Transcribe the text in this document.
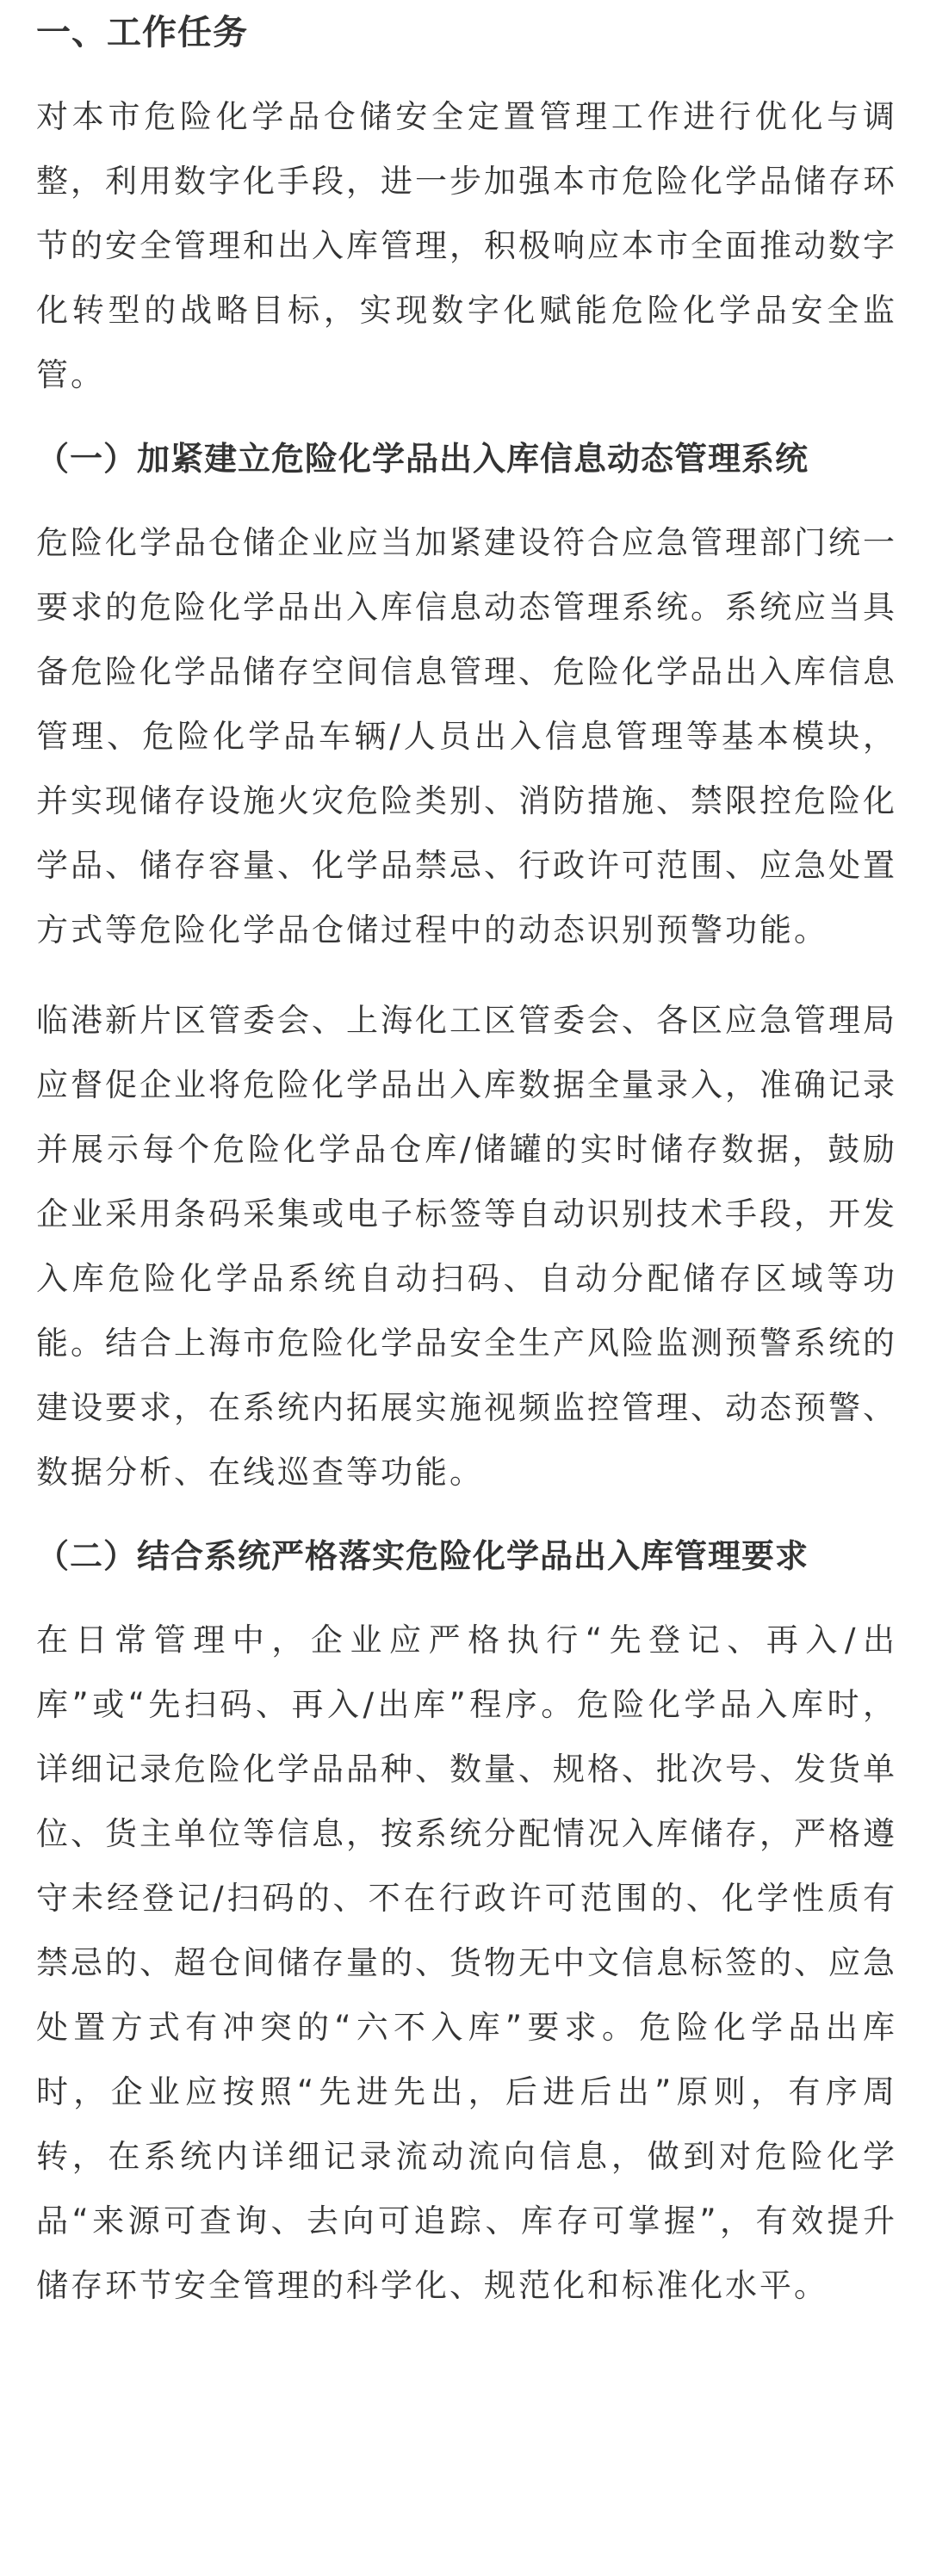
一、工作任务

对本市危险化学品仓储安全定置管理工作进行优化与调整，利用数字化手段，进一步加强本市危险化学品储存环节的安全管理和出入库管理，积极响应本市全面推动数字化转型的战略目标，实现数字化赋能危险化学品安全监管。

（一）加紧建立危险化学品出入库信息动态管理系统

危险化学品仓储企业应当加紧建设符合应急管理部门统一要求的危险化学品出入库信息动态管理系统。系统应当具备危险化学品储存空间信息管理、危险化学品出入库信息管理、危险化学品车辆/人员出入信息管理等基本模块，并实现储存设施火灾危险类别、消防措施、禁限控危险化学品、储存容量、化学品禁忌、行政许可范围、应急处置方式等危险化学品仓储过程中的动态识别预警功能。

临港新片区管委会、上海化工区管委会、各区应急管理局应督促企业将危险化学品出入库数据全量录入，准确记录并展示每个危险化学品仓库/储罐的实时储存数据，鼓励企业采用条码采集或电子标签等自动识别技术手段，开发入库危险化学品系统自动扫码、自动分配储存区域等功能。结合上海市危险化学品安全生产风险监测预警系统的建设要求，在系统内拓展实施视频监控管理、动态预警、数据分析、在线巡查等功能。

（二）结合系统严格落实危险化学品出入库管理要求

在日常管理中，企业应严格执行“先登记、再入/出库”或“先扫码、再入/出库”程序。危险化学品入库时，详细记录危险化学品品种、数量、规格、批次号、发货单位、货主单位等信息，按系统分配情况入库储存，严格遵守未经登记/扫码的、不在行政许可范围的、化学性质有禁忌的、超仓间储存量的、货物无中文信息标签的、应急处置方式有冲突的“六不入库”要求。危险化学品出库时，企业应按照“先进先出，后进后出”原则，有序周转，在系统内详细记录流动流向信息，做到对危险化学品“来源可查询、去向可追踪、库存可掌握”，有效提升储存环节安全管理的科学化、规范化和标准化水平。
